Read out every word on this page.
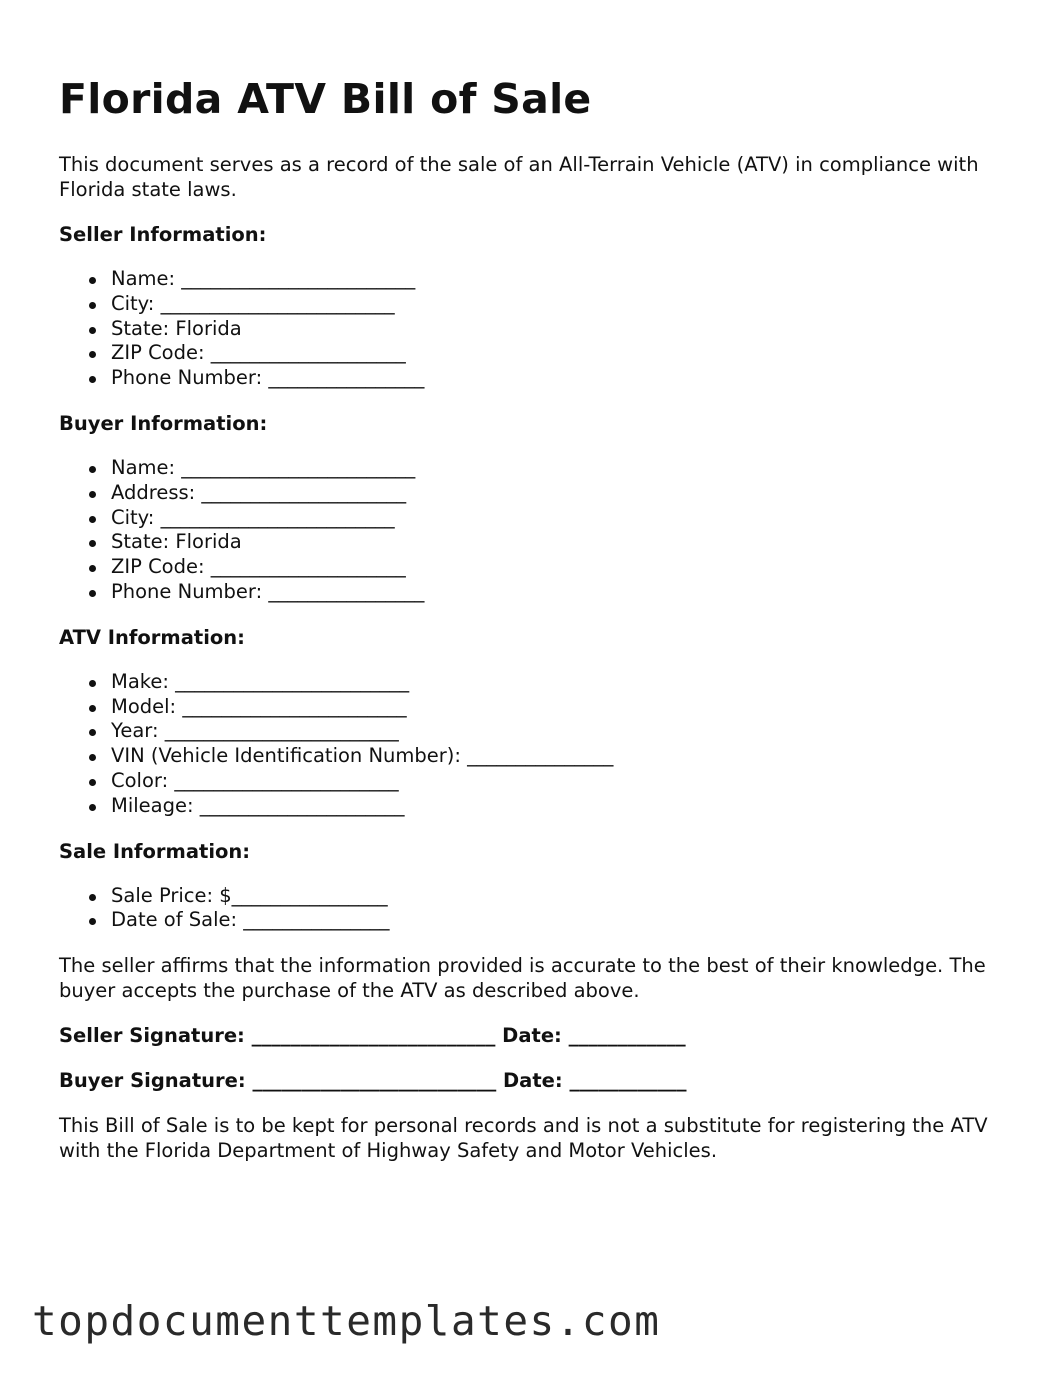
Florida ATV Bill of Sale

This document serves as a record of the sale of an All-Terrain Vehicle (ATV) in compliance with Florida state laws.

Seller Information:
Name: ________________________
City: ________________________
State: Florida
ZIP Code: ____________________
Phone Number: ________________
Buyer Information:
Name: ________________________
Address: _____________________
City: ________________________
State: Florida
ZIP Code: ____________________
Phone Number: ________________
ATV Information:
Make: ________________________
Model: _______________________
Year: ________________________
VIN (Vehicle Identification Number): _______________
Color: _______________________
Mileage: _____________________
Sale Information:
Sale Price: $________________
Date of Sale: _______________

The seller affirms that the information provided is accurate to the best of their knowledge. The buyer accepts the purchase of the ATV as described above.

Seller Signature: _________________________ Date: ____________
Buyer Signature: _________________________ Date: ____________

This Bill of Sale is to be kept for personal records and is not a substitute for registering the ATV with the Florida Department of Highway Safety and Motor Vehicles.

topdocumenttemplates.com
